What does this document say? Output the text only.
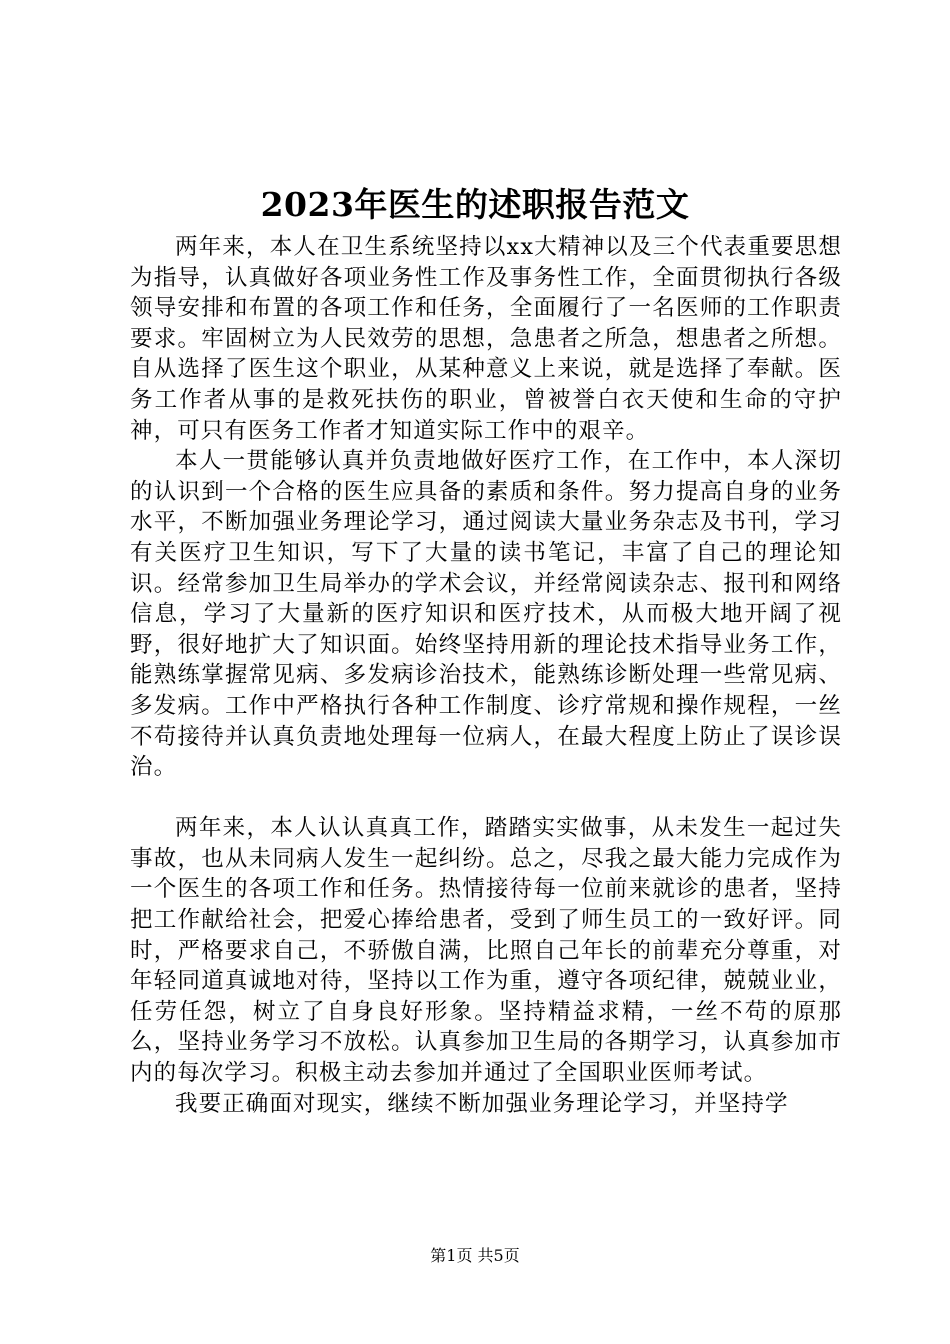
2023年医生的述职报告范文

两年来，本人在卫生系统坚持以xx大精神以及三个代表重要思想为指导，认真做好各项业务性工作及事务性工作，全面贯彻执行各级领导安排和布置的各项工作和任务，全面履行了一名医师的工作职责要求。牢固树立为人民效劳的思想，急患者之所急，想患者之所想。自从选择了医生这个职业，从某种意义上来说，就是选择了奉献。医务工作者从事的是救死扶伤的职业，曾被誉白衣天使和生命的守护神，可只有医务工作者才知道实际工作中的艰辛。

本人一贯能够认真并负责地做好医疗工作，在工作中，本人深切的认识到一个合格的医生应具备的素质和条件。努力提高自身的业务水平，不断加强业务理论学习，通过阅读大量业务杂志及书刊，学习有关医疗卫生知识，写下了大量的读书笔记，丰富了自己的理论知识。经常参加卫生局举办的学术会议，并经常阅读杂志、报刊和网络信息，学习了大量新的医疗知识和医疗技术，从而极大地开阔了视野，很好地扩大了知识面。始终坚持用新的理论技术指导业务工作，能熟练掌握常见病、多发病诊治技术，能熟练诊断处理一些常见病、多发病。工作中严格执行各种工作制度、诊疗常规和操作规程，一丝不苟接待并认真负责地处理每一位病人，在最大程度上防止了误诊误治。

两年来，本人认认真真工作，踏踏实实做事，从未发生一起过失事故，也从未同病人发生一起纠纷。总之，尽我之最大能力完成作为一个医生的各项工作和任务。热情接待每一位前来就诊的患者，坚持把工作献给社会，把爱心捧给患者，受到了师生员工的一致好评。同时，严格要求自己，不骄傲自满，比照自己年长的前辈充分尊重，对年轻同道真诚地对待，坚持以工作为重，遵守各项纪律，兢兢业业，任劳任怨，树立了自身良好形象。坚持精益求精，一丝不苟的原那么，坚持业务学习不放松。认真参加卫生局的各期学习，认真参加市内的每次学习。积极主动去参加并通过了全国职业医师考试。

我要正确面对现实，继续不断加强业务理论学习，并坚持学

第1页 共5页
